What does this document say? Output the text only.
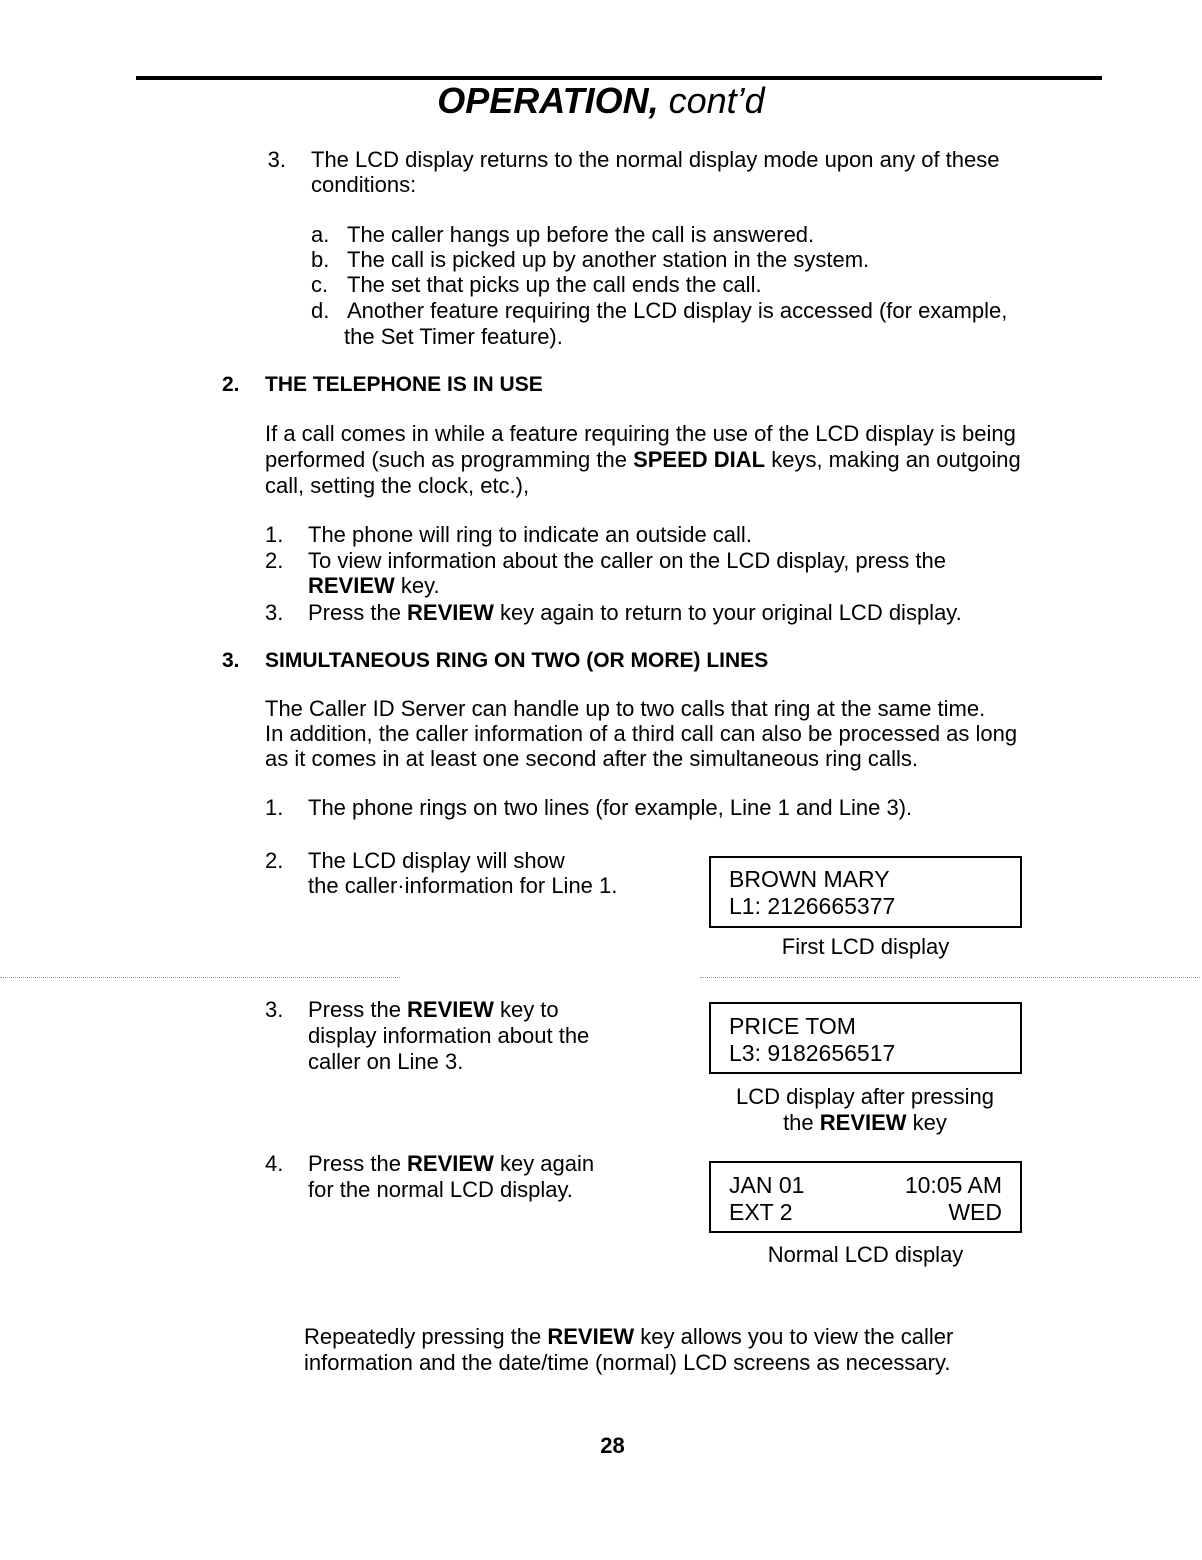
OPERATION, cont’d
3. The LCD display returns to the normal display mode upon any of these
conditions:
a. The caller hangs up before the call is answered.
b. The call is picked up by another station in the system.
c. The set that picks up the call ends the call.
d. Another feature requiring the LCD display is accessed (for example,
the Set Timer feature).
2. THE TELEPHONE IS IN USE
If a call comes in while a feature requiring the use of the LCD display is being
performed (such as programming the SPEED DIAL keys, making an outgoing
call, setting the clock, etc.),
1. The phone will ring to indicate an outside call.
2. To view information about the caller on the LCD display, press the
REVIEW key.
3. Press the REVIEW key again to return to your original LCD display.
3. SIMULTANEOUS RING ON TWO (OR MORE) LINES
The Caller ID Server can handle up to two calls that ring at the same time.
In addition, the caller information of a third call can also be processed as long
as it comes in at least one second after the simultaneous ring calls.
1. The phone rings on two lines (for example, Line 1 and Line 3).
2. The LCD display will show
the caller·information for Line 1.
3. Press the REVIEW key to
display information about the
caller on Line 3.
4. Press the REVIEW key again
for the normal LCD display.
BROWN MARY
L1: 2126665377
First LCD display
PRICE TOM
L3: 9182656517
LCD display after pressing
the REVIEW key
JAN 01	10:05 AM
EXT 2	WED
Normal LCD display
Repeatedly pressing the REVIEW key allows you to view the caller
information and the date/time (normal) LCD screens as necessary.
28
